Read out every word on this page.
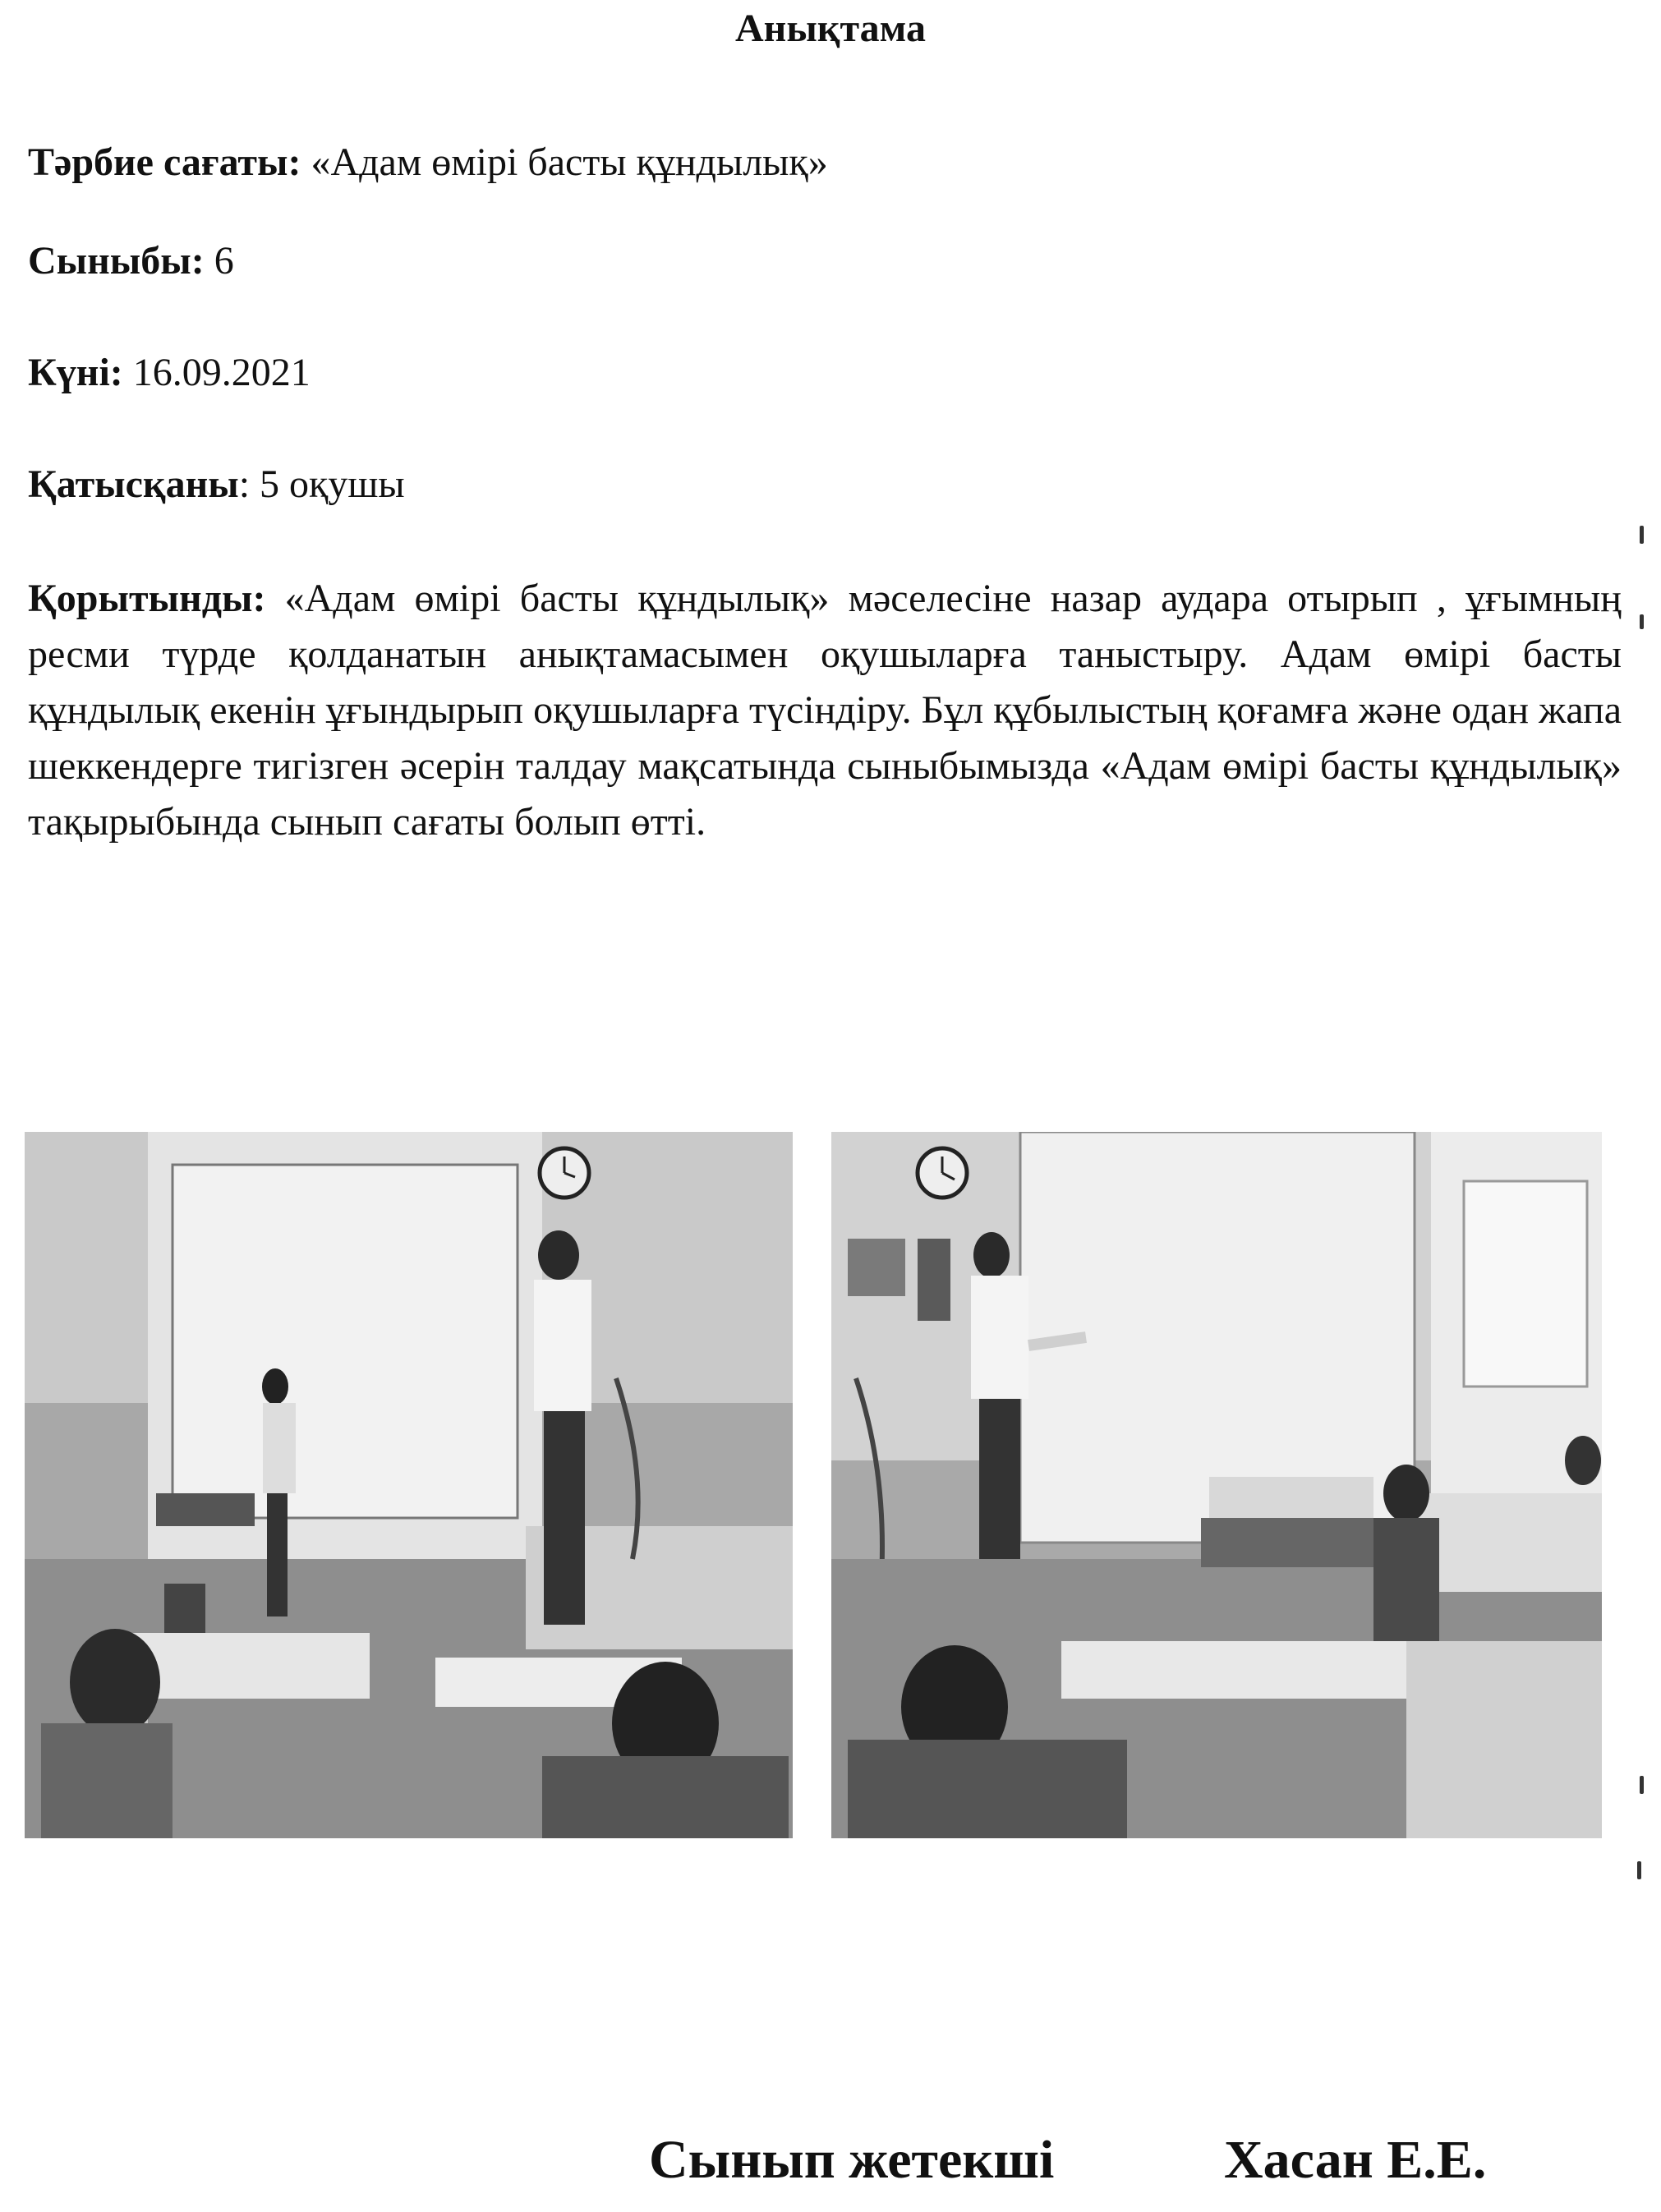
Анықтама
Тәрбие сағаты: «Адам өмірі басты құндылық»
Сыныбы: 6
Күні: 16.09.2021
Қатысқаны: 5 оқушы
Қорытынды: «Адам өмірі басты құндылық» мәселесіне назар аудара отырып , ұғымның ресми түрде қолданатын анықтамасымен оқушыларға таныстыру. Адам өмірі басты құндылық екенін ұғындырып оқушыларға түсіндіру. Бұл құбылыстың қоғамға және одан жапа шеккендерге тигізген әсерін талдау мақсатында сыныбымызда «Адам өмірі басты құндылық» тақырыбында сынып сағаты болып өтті.
Сынып жетекші	Хасан Е.Е.
